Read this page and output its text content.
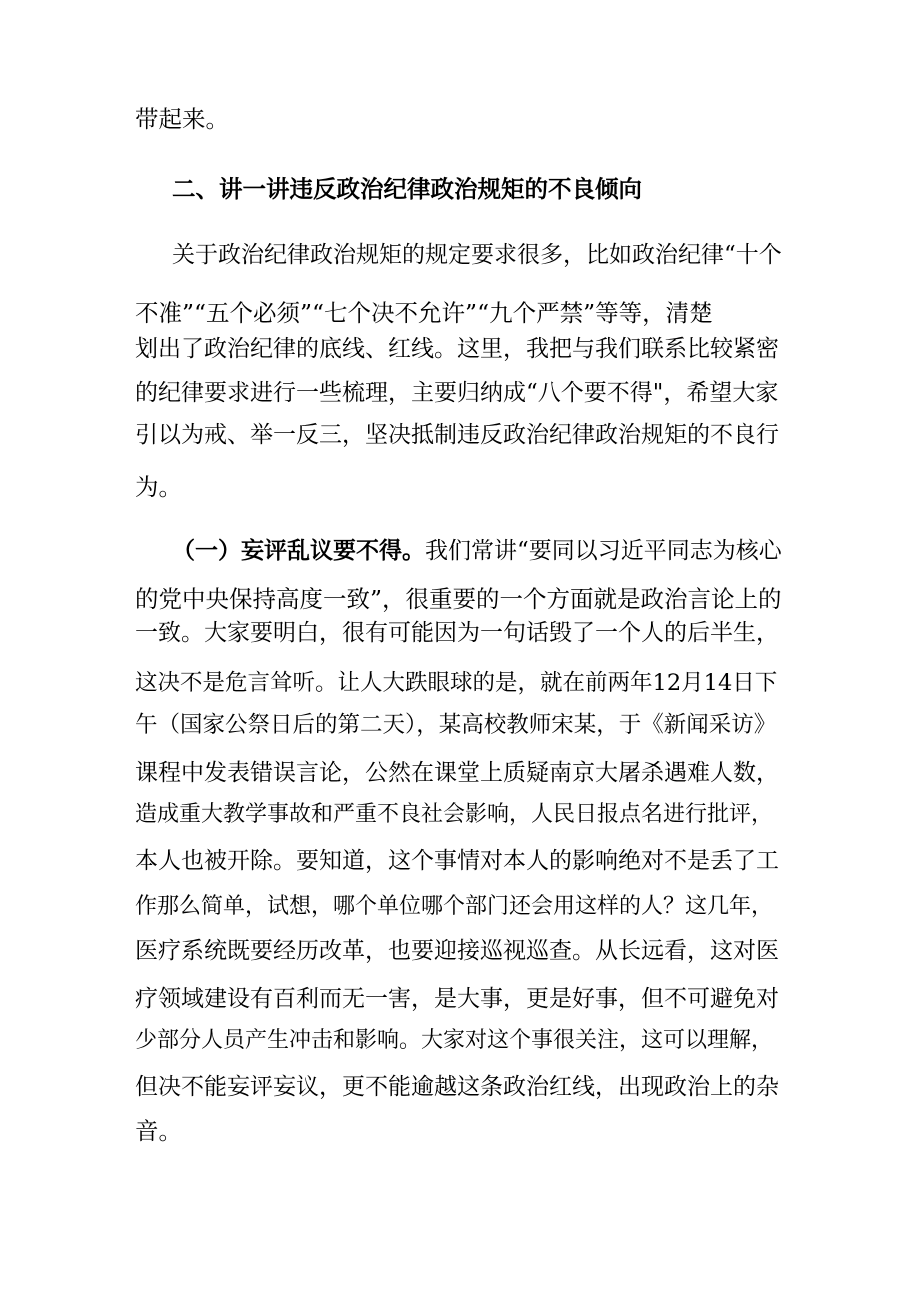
带起来。
二、讲一讲违反政治纪律政治规矩的不良倾向
关于政治纪律政治规矩的规定要求很多，比如政治纪律“十个
不准”“五个必须”“七个决不允许”“九个严禁”等等，清楚
划出了政治纪律的底线、红线。这里，我把与我们联系比较紧密
的纪律要求进行一些梳理，主要归纳成“八个要不得"，希望大家
引以为戒、举一反三，坚决抵制违反政治纪律政治规矩的不良行
为。
（一）妄评乱议要不得。我们常讲“要同以习近平同志为核心
的党中央保持高度一致”，很重要的一个方面就是政治言论上的
一致。大家要明白，很有可能因为一句话毁了一个人的后半生，
这决不是危言耸听。让人大跌眼球的是，就在前两年12月14日下
午（国家公祭日后的第二天），某高校教师宋某，于《新闻采访》
课程中发表错误言论，公然在课堂上质疑南京大屠杀遇难人数，
造成重大教学事故和严重不良社会影响，人民日报点名进行批评，
本人也被开除。要知道，这个事情对本人的影响绝对不是丢了工
作那么简单，试想，哪个单位哪个部门还会用这样的人？这几年，
医疗系统既要经历改革，也要迎接巡视巡查。从长远看，这对医
疗领域建设有百利而无一害，是大事，更是好事，但不可避免对
少部分人员产生冲击和影响。大家对这个事很关注，这可以理解，
但决不能妄评妄议，更不能逾越这条政治红线，出现政治上的杂
音。
